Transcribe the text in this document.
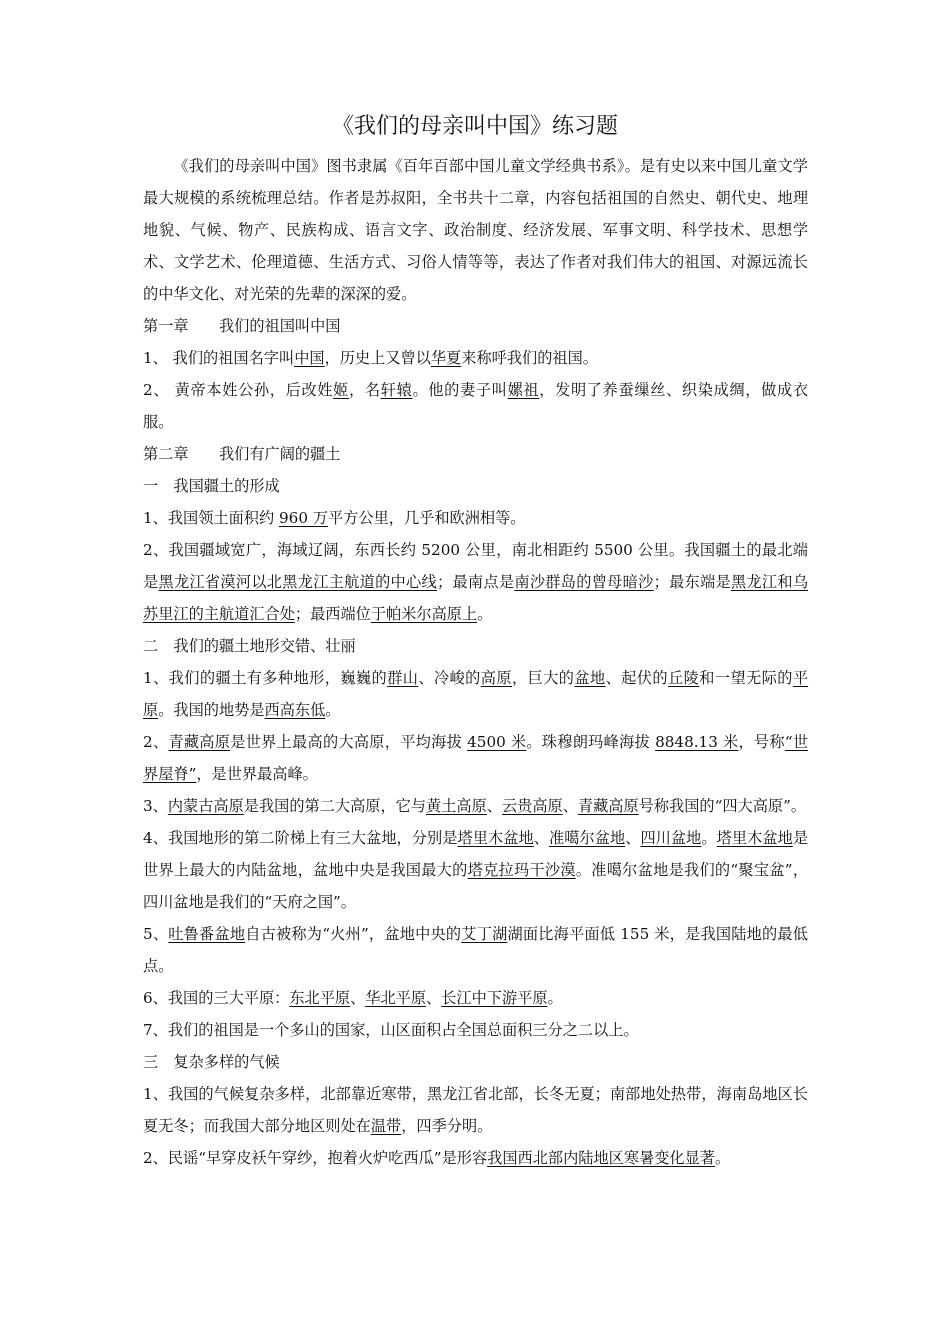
《我们的母亲叫中国》练习题

《我们的母亲叫中国》图书隶属《百年百部中国儿童文学经典书系》。是有史以来中国儿童文学最大规模的系统梳理总结。作者是苏叔阳，全书共十二章，内容包括祖国的自然史、朝代史、地理地貌、气候、物产、民族构成、语言文字、政治制度、经济发展、军事文明、科学技术、思想学术、文学艺术、伦理道德、生活方式、习俗人情等等，表达了作者对我们伟大的祖国、对源远流长的中华文化、对光荣的先辈的深深的爱。

第一章　　我们的祖国叫中国

1、 我们的祖国名字叫中国，历史上又曾以华夏来称呼我们的祖国。

2、 黄帝本姓公孙，后改姓姬，名轩辕。他的妻子叫嫘祖，发明了养蚕缫丝、织染成绸，做成衣服。

第二章　　我们有广阔的疆土

一　我国疆土的形成

1、我国领土面积约 960 万平方公里，几乎和欧洲相等。

2、我国疆域宽广，海域辽阔，东西长约 5200 公里，南北相距约 5500 公里。我国疆土的最北端是黑龙江省漠河以北黑龙江主航道的中心线；最南点是南沙群岛的曾母暗沙；最东端是黑龙江和乌苏里江的主航道汇合处；最西端位于帕米尔高原上。

二　我们的疆土地形交错、壮丽

1、我们的疆土有多种地形，巍巍的群山、冷峻的高原，巨大的盆地、起伏的丘陵和一望无际的平原。我国的地势是西高东低。

2、青藏高原是世界上最高的大高原，平均海拔 4500 米。珠穆朗玛峰海拔 8848.13 米，号称“世界屋脊”，是世界最高峰。

3、内蒙古高原是我国的第二大高原，它与黄土高原、云贵高原、青藏高原号称我国的“四大高原”。

4、我国地形的第二阶梯上有三大盆地，分别是塔里木盆地、准噶尔盆地、四川盆地。塔里木盆地是世界上最大的内陆盆地，盆地中央是我国最大的塔克拉玛干沙漠。准噶尔盆地是我们的“聚宝盆”，四川盆地是我们的“天府之国”。

5、吐鲁番盆地自古被称为“火州”，盆地中央的艾丁湖湖面比海平面低 155 米，是我国陆地的最低点。

6、我国的三大平原：东北平原、华北平原、长江中下游平原。

7、我们的祖国是一个多山的国家，山区面积占全国总面积三分之二以上。

三　复杂多样的气候

1、我国的气候复杂多样，北部靠近寒带，黑龙江省北部，长冬无夏；南部地处热带，海南岛地区长夏无冬；而我国大部分地区则处在温带，四季分明。

2、民谣“早穿皮袄午穿纱，抱着火炉吃西瓜”是形容我国西北部内陆地区寒暑变化显著。
